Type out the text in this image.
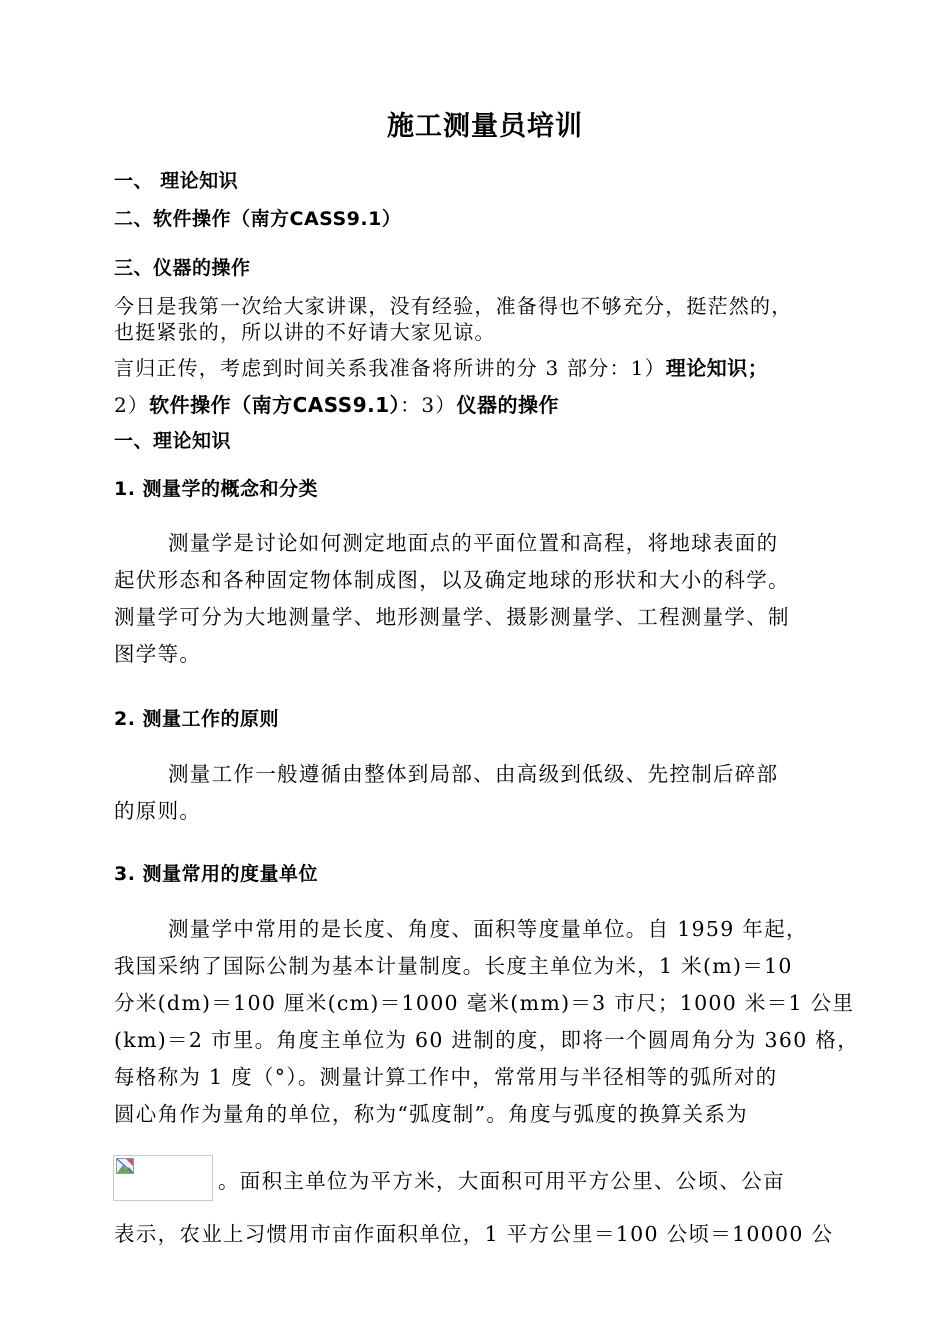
施工测量员培训
一、 理论知识
二、软件操作（南方CASS9.1）
三、仪器的操作
今日是我第一次给大家讲课，没有经验，准备得也不够充分，挺茫然的，
也挺紧张的，所以讲的不好请大家见谅。
言归正传，考虑到时间关系我准备将所讲的分 3 部分：1）理论知识；
2）软件操作（南方CASS9.1）：3）仪器的操作
一、理论知识
1. 测量学的概念和分类
测量学是讨论如何测定地面点的平面位置和高程，将地球表面的
起伏形态和各种固定物体制成图，以及确定地球的形状和大小的科学。
测量学可分为大地测量学、地形测量学、摄影测量学、工程测量学、制
图学等。
2. 测量工作的原则
测量工作一般遵循由整体到局部、由高级到低级、先控制后碎部
的原则。
3. 测量常用的度量单位
测量学中常用的是长度、角度、面积等度量单位。自 1959 年起，
我国采纳了国际公制为基本计量制度。长度主单位为米，1 米(m)＝10
分米(dm)＝100 厘米(cm)＝1000 毫米(mm)＝3 市尺；1000 米＝1 公里
(km)＝2 市里。角度主单位为 60 进制的度，即将一个圆周角分为 360 格，
每格称为 1 度（°）。测量计算工作中，常常用与半径相等的弧所对的
圆心角作为量角的单位，称为“弧度制”。角度与弧度的换算关系为
。面积主单位为平方米，大面积可用平方公里、公顷、公亩
表示，农业上习惯用市亩作面积单位，1 平方公里＝100 公顷＝10000 公
